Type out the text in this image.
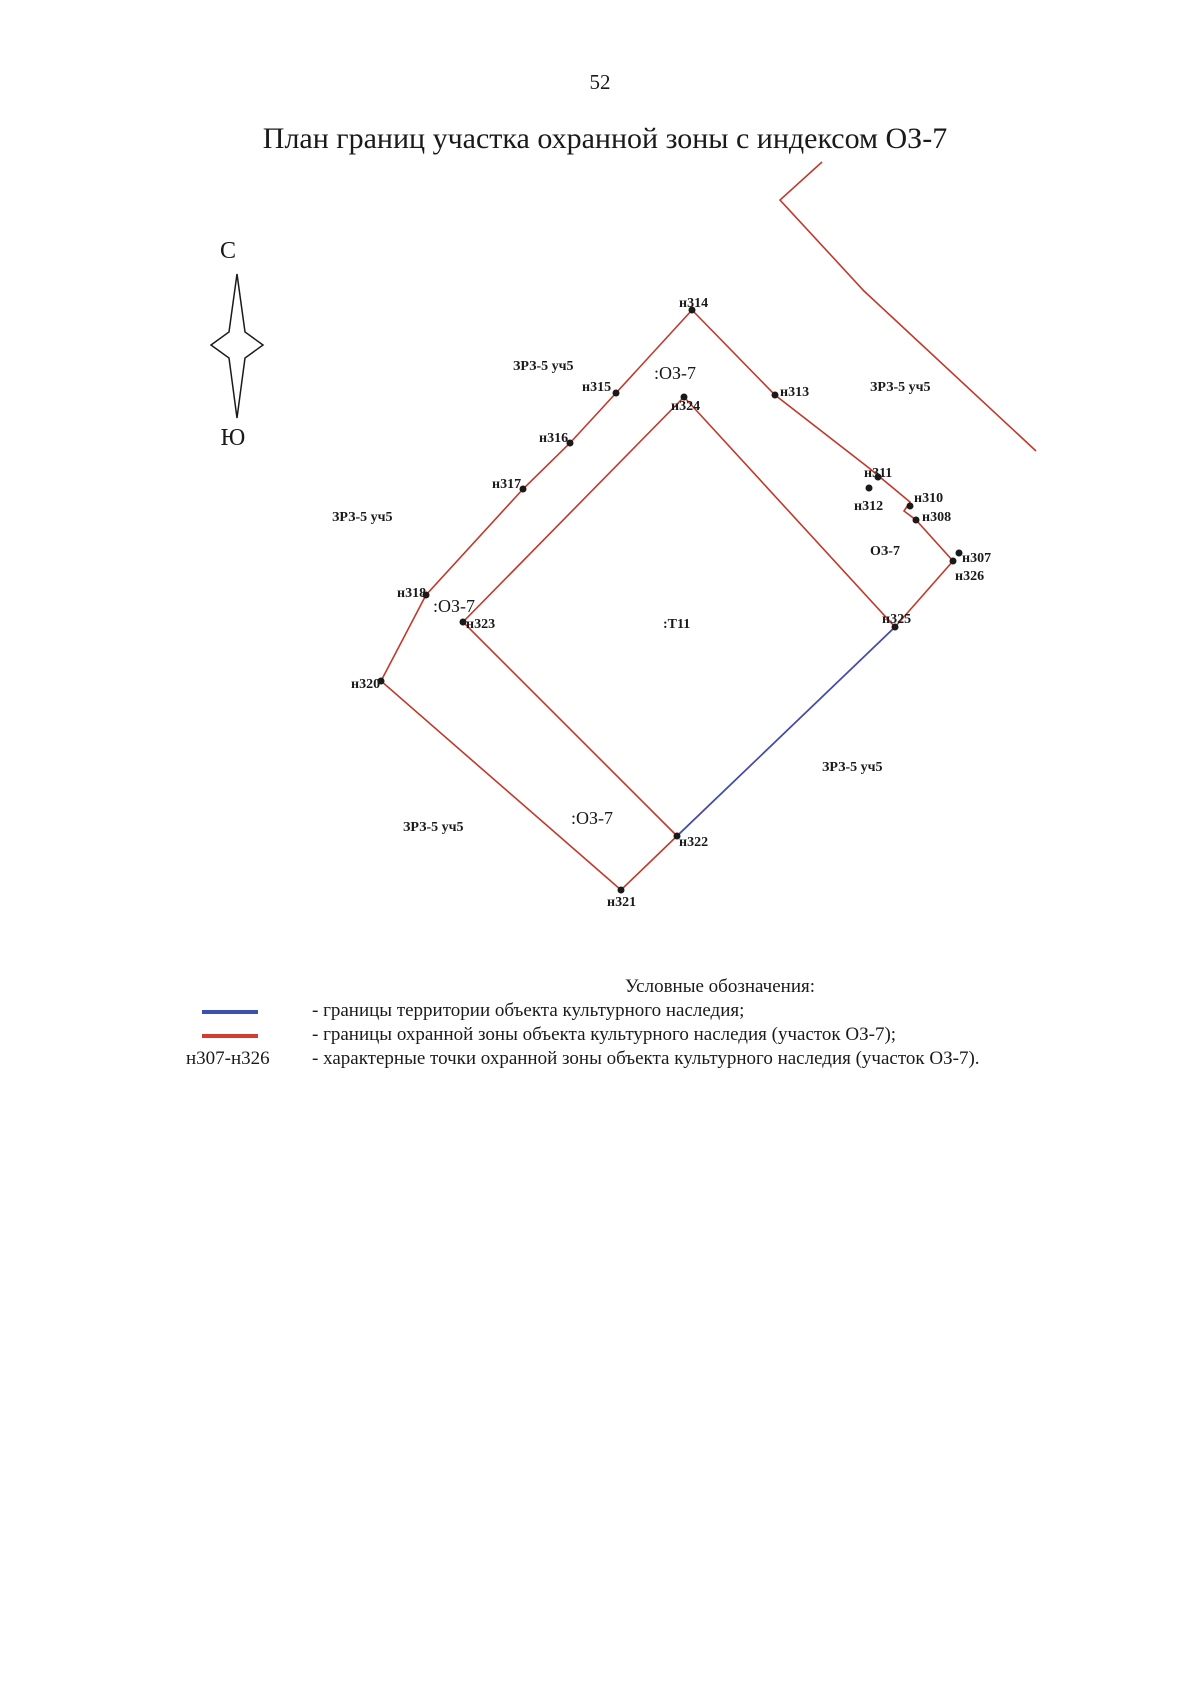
52
План границ участка охранной зоны с индексом ОЗ-7
С
Ю
н314
н315
н316
н317
н318
н320
н321
н322
н323
н324
н325
н326
н307
н308
н310
н311
н312
н313
ЗРЗ-5 уч5
ЗРЗ-5 уч5
ЗРЗ-5 уч5
ЗРЗ-5 уч5
ЗРЗ-5 уч5
:ОЗ-7
:ОЗ-7
ОЗ-7
:ОЗ-7
:Т11
Условные обозначения:
- границы территории объекта культурного наследия;
- границы охранной зоны объекта культурного наследия (участок ОЗ-7);
н307-н326 - характерные точки охранной зоны объекта культурного наследия (участок ОЗ-7).
